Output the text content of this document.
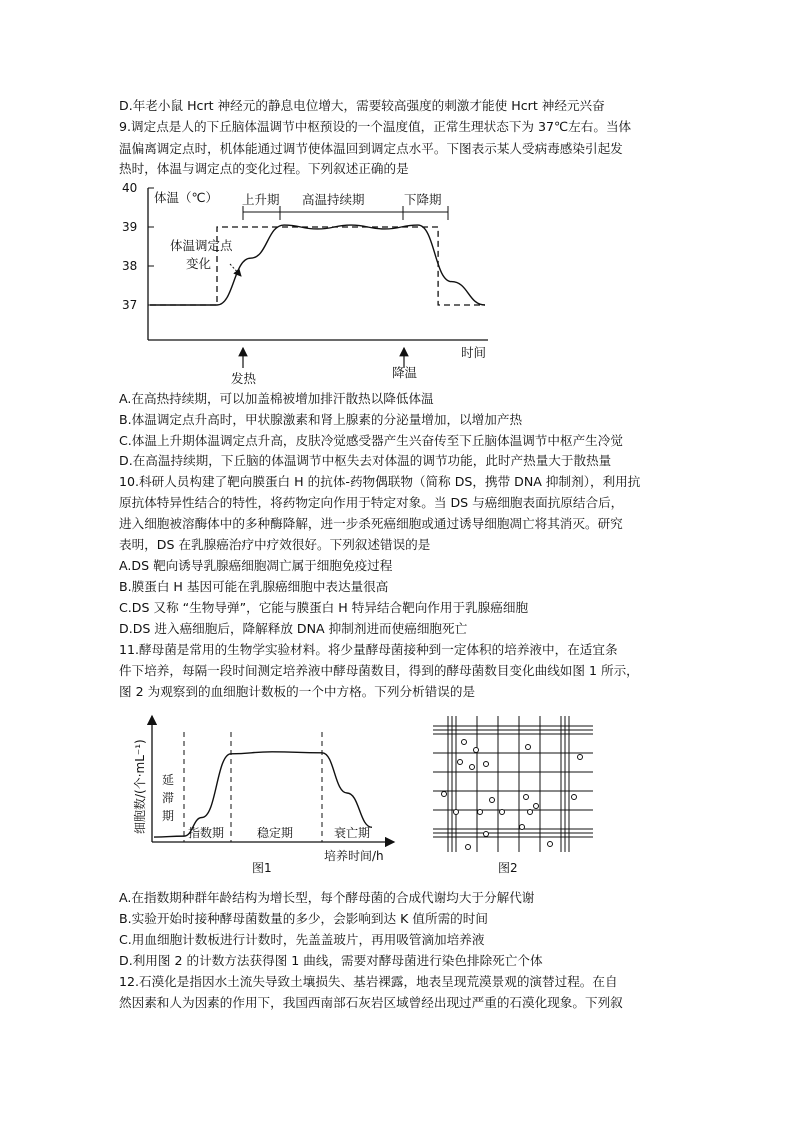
D.年老小鼠 Hcrt 神经元的静息电位增大，需要较高强度的刺激才能使 Hcrt 神经元兴奋
9.调定点是人的下丘脑体温调节中枢预设的一个温度值，正常生理状态下为 37℃左右。当体
温偏离调定点时，机体能通过调节使体温回到调定点水平。下图表示某人受病毒感染引起发
热时，体温与调定点的变化过程。下列叙述正确的是
40
39
38
37
体温（℃） 上升期 高温持续期	下降期
体温调定点
变化
发热	降温
时间
A.在高热持续期，可以加盖棉被增加排汗散热以降低体温
B.体温调定点升高时，甲状腺激素和肾上腺素的分泌量增加，以增加产热
C.体温上升期体温调定点升高，皮肤冷觉感受器产生兴奋传至下丘脑体温调节中枢产生冷觉
D.在高温持续期，下丘脑的体温调节中枢失去对体温的调节功能，此时产热量大于散热量
10.科研人员构建了靶向膜蛋白 H 的抗体-药物偶联物（简称 DS，携带 DNA 抑制剂），利用抗
原抗体特异性结合的特性，将药物定向作用于特定对象。当 DS 与癌细胞表面抗原结合后，
进入细胞被溶酶体中的多种酶降解，进一步杀死癌细胞或通过诱导细胞凋亡将其消灭。研究
表明，DS 在乳腺癌治疗中疗效很好。下列叙述错误的是
A.DS 靶向诱导乳腺癌细胞凋亡属于细胞免疫过程
B.膜蛋白 H 基因可能在乳腺癌细胞中表达量很高
C.DS 又称 “生物导弹”，它能与膜蛋白 H 特异结合靶向作用于乳腺癌细胞
D.DS 进入癌细胞后，降解释放 DNA 抑制剂进而使癌细胞死亡
11.酵母菌是常用的生物学实验材料。将少量酵母菌接种到一定体积的培养液中，在适宜条
件下培养，每隔一段时间测定培养液中酵母菌数目，得到的酵母菌数目变化曲线如图 1 所示，
图 2 为观察到的血细胞计数板的一个中方格。下列分析错误的是
细胞数/(个·mL⁻¹) 延
滞
期
指数期	稳定期	衰亡期
培养时间/h
图1	图2
A.在指数期种群年龄结构为增长型，每个酵母菌的合成代谢均大于分解代谢
B.实验开始时接种酵母菌数量的多少，会影响到达 K 值所需的时间
C.用血细胞计数板进行计数时，先盖盖玻片，再用吸管滴加培养液
D.利用图 2 的计数方法获得图 1 曲线，需要对酵母菌进行染色排除死亡个体
12.石漠化是指因水土流失导致土壤损失、基岩裸露，地表呈现荒漠景观的演替过程。在自
然因素和人为因素的作用下，我国西南部石灰岩区域曾经出现过严重的石漠化现象。下列叙
